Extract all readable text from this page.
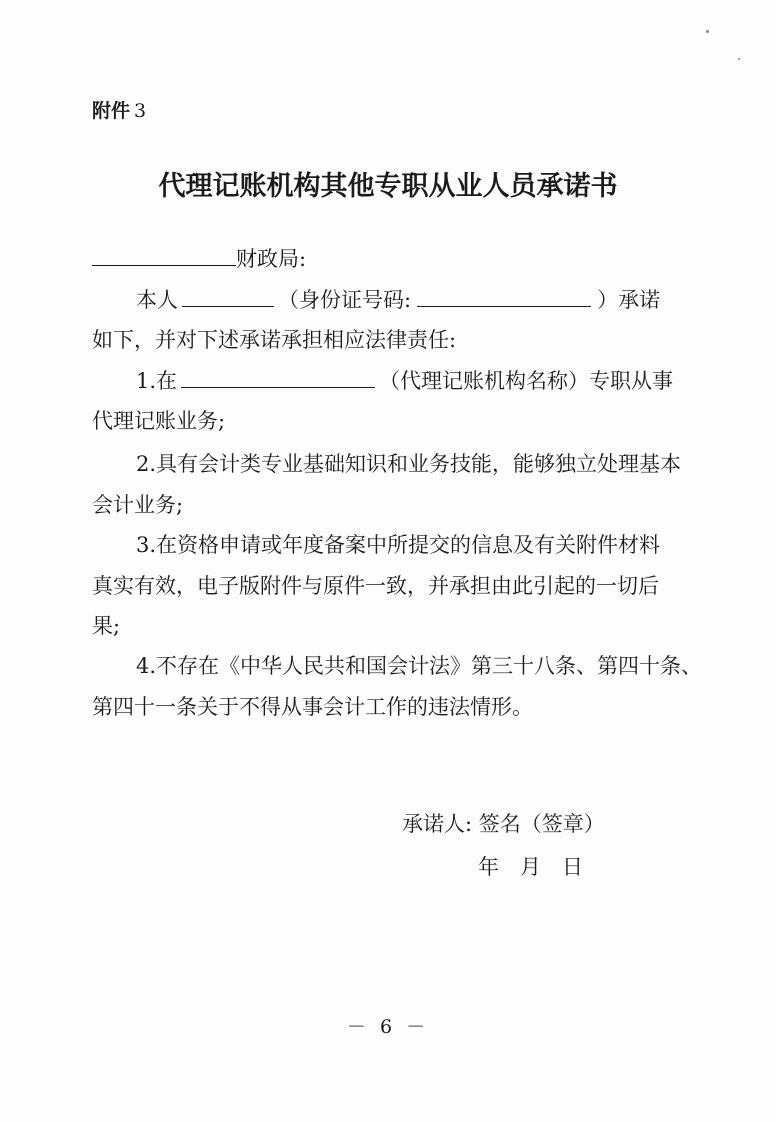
附件 3
代理记账机构其他专职从业人员承诺书
财政局:
本人	（身份证号码:	）承诺
如下，并对下述承诺承担相应法律责任:
1.在	（代理记账机构名称）专职从事
代理记账业务;
2.具有会计类专业基础知识和业务技能，能够独立处理基本
会计业务;
3.在资格申请或年度备案中所提交的信息及有关附件材料
真实有效，电子版附件与原件一致，并承担由此引起的一切后
果;
4.不存在《中华人民共和国会计法》第三十八条、第四十条、
第四十一条关于不得从事会计工作的违法情形。
承诺人: 签名（签章）
年　月　日
－ 6 －
